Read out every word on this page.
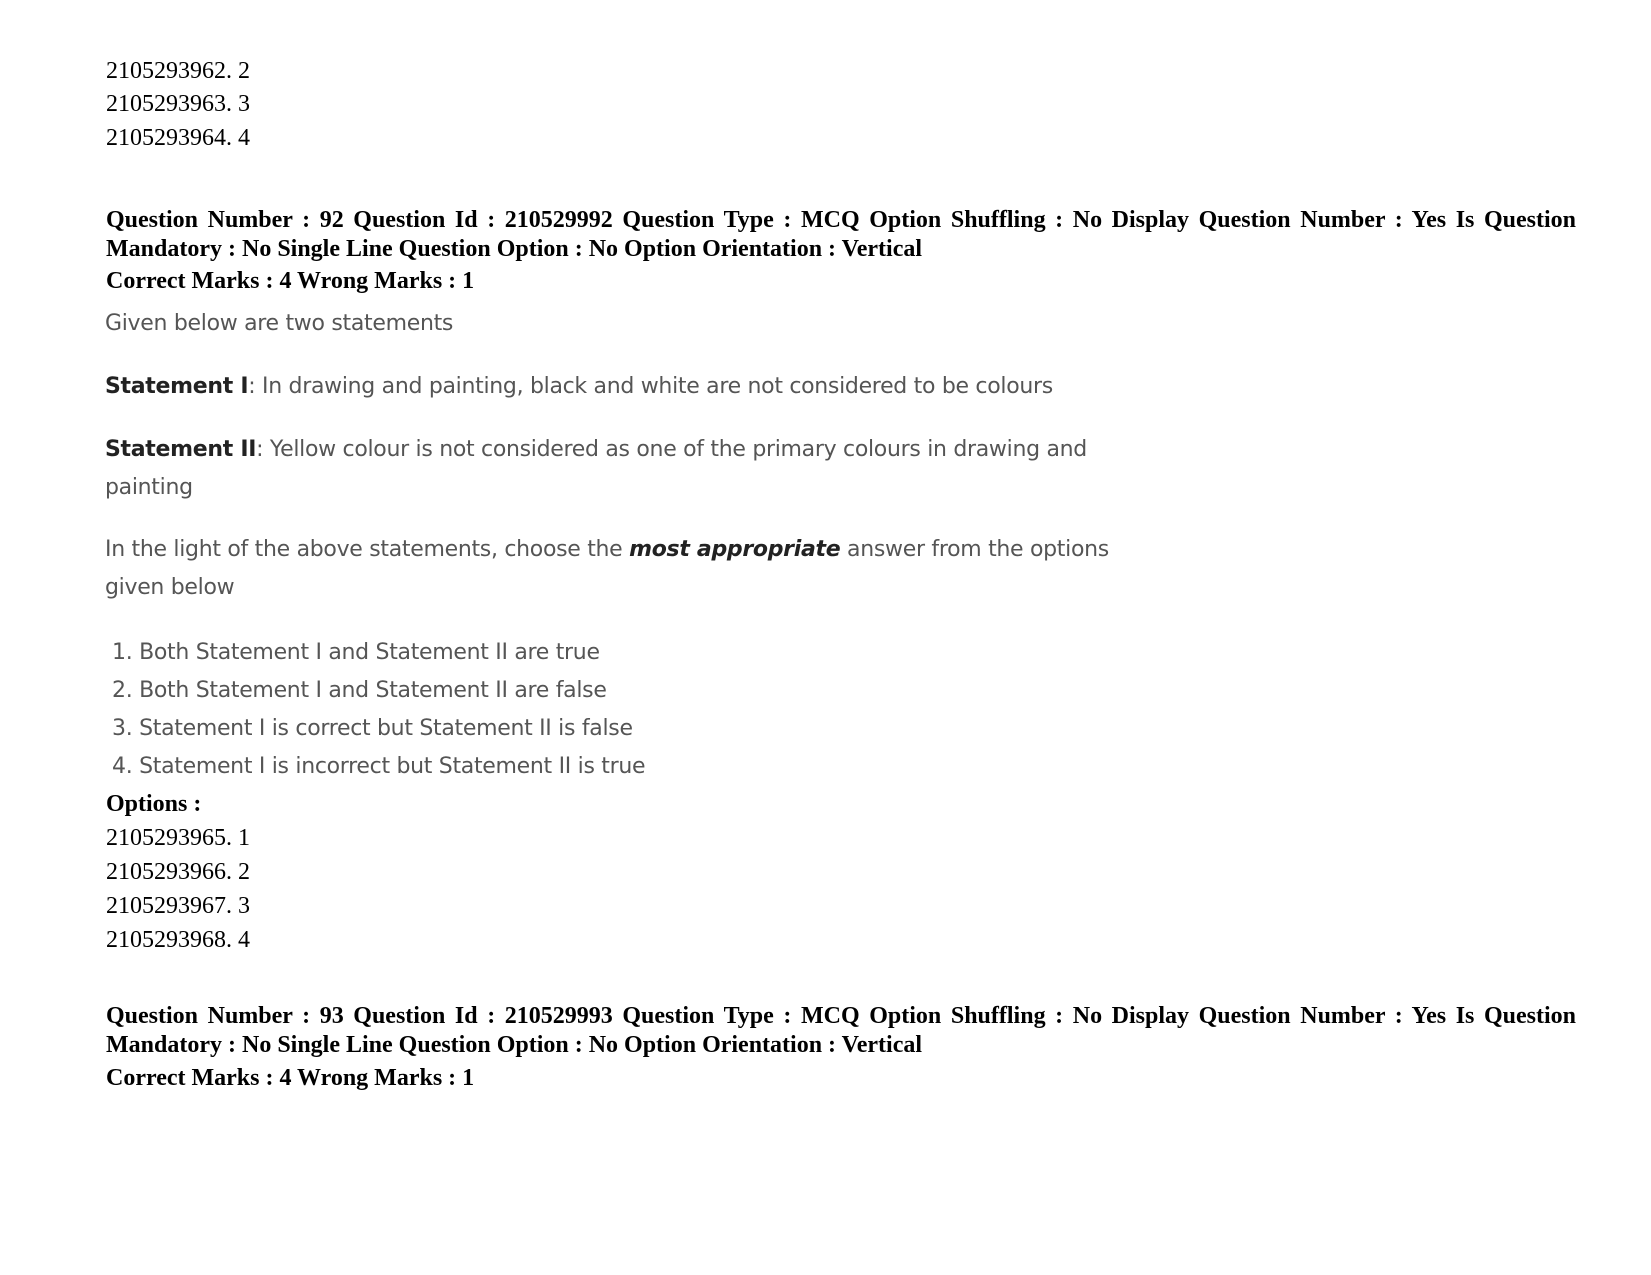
2105293962. 2
2105293963. 3
2105293964. 4
Question Number : 92 Question Id : 210529992 Question Type : MCQ Option Shuffling : No Display Question Number : Yes Is Question Mandatory : No Single Line Question Option : No Option Orientation : Vertical
Correct Marks : 4 Wrong Marks : 1
Given below are two statements
Statement I: In drawing and painting, black and white are not considered to be colours
Statement II: Yellow colour is not considered as one of the primary colours in drawing and painting
In the light of the above statements, choose the most appropriate answer from the options given below
1. Both Statement I and Statement II are true
2. Both Statement I and Statement II are false
3. Statement I is correct but Statement II is false
4. Statement I is incorrect but Statement II is true
Options :
2105293965. 1
2105293966. 2
2105293967. 3
2105293968. 4
Question Number : 93 Question Id : 210529993 Question Type : MCQ Option Shuffling : No Display Question Number : Yes Is Question Mandatory : No Single Line Question Option : No Option Orientation : Vertical
Correct Marks : 4 Wrong Marks : 1
